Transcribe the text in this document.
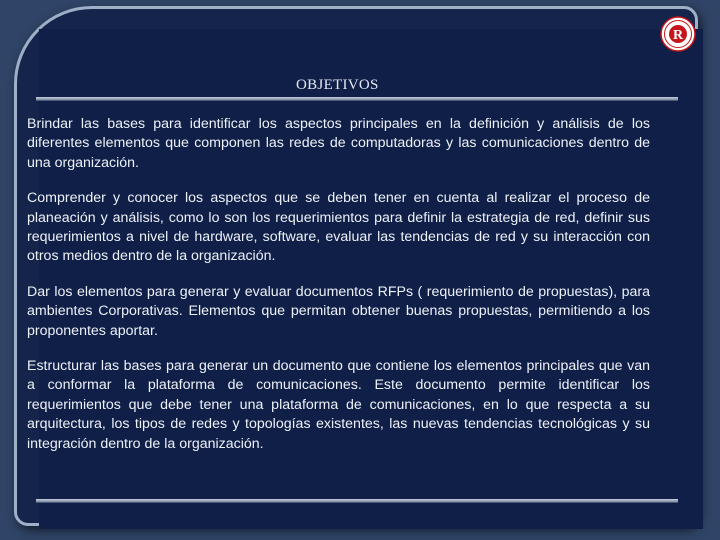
R
OBJETIVOS

Brindar las bases para identificar los aspectos principales en la definición y análisis de los diferentes elementos que componen las redes de computadoras y las comunicaciones dentro de una organización.

Comprender y conocer los aspectos que se deben tener en cuenta al realizar el proceso de planeación y análisis, como lo son los requerimientos para definir la estrategia de red, definir sus requerimientos a nivel de hardware, software, evaluar las tendencias de red y su interacción con otros medios dentro de la organización.

Dar los elementos para generar y evaluar documentos RFPs ( requerimiento de propuestas), para ambientes Corporativas. Elementos que permitan obtener buenas propuestas, permitiendo a los proponentes aportar.

Estructurar las bases para generar un documento que contiene los elementos principales que van a conformar la plataforma de comunicaciones. Este documento permite identificar los requerimientos que debe tener una plataforma de comunicaciones, en lo que respecta a su arquitectura, los tipos de redes y topologías existentes, las nuevas tendencias tecnológicas y su integración dentro de la organización.
